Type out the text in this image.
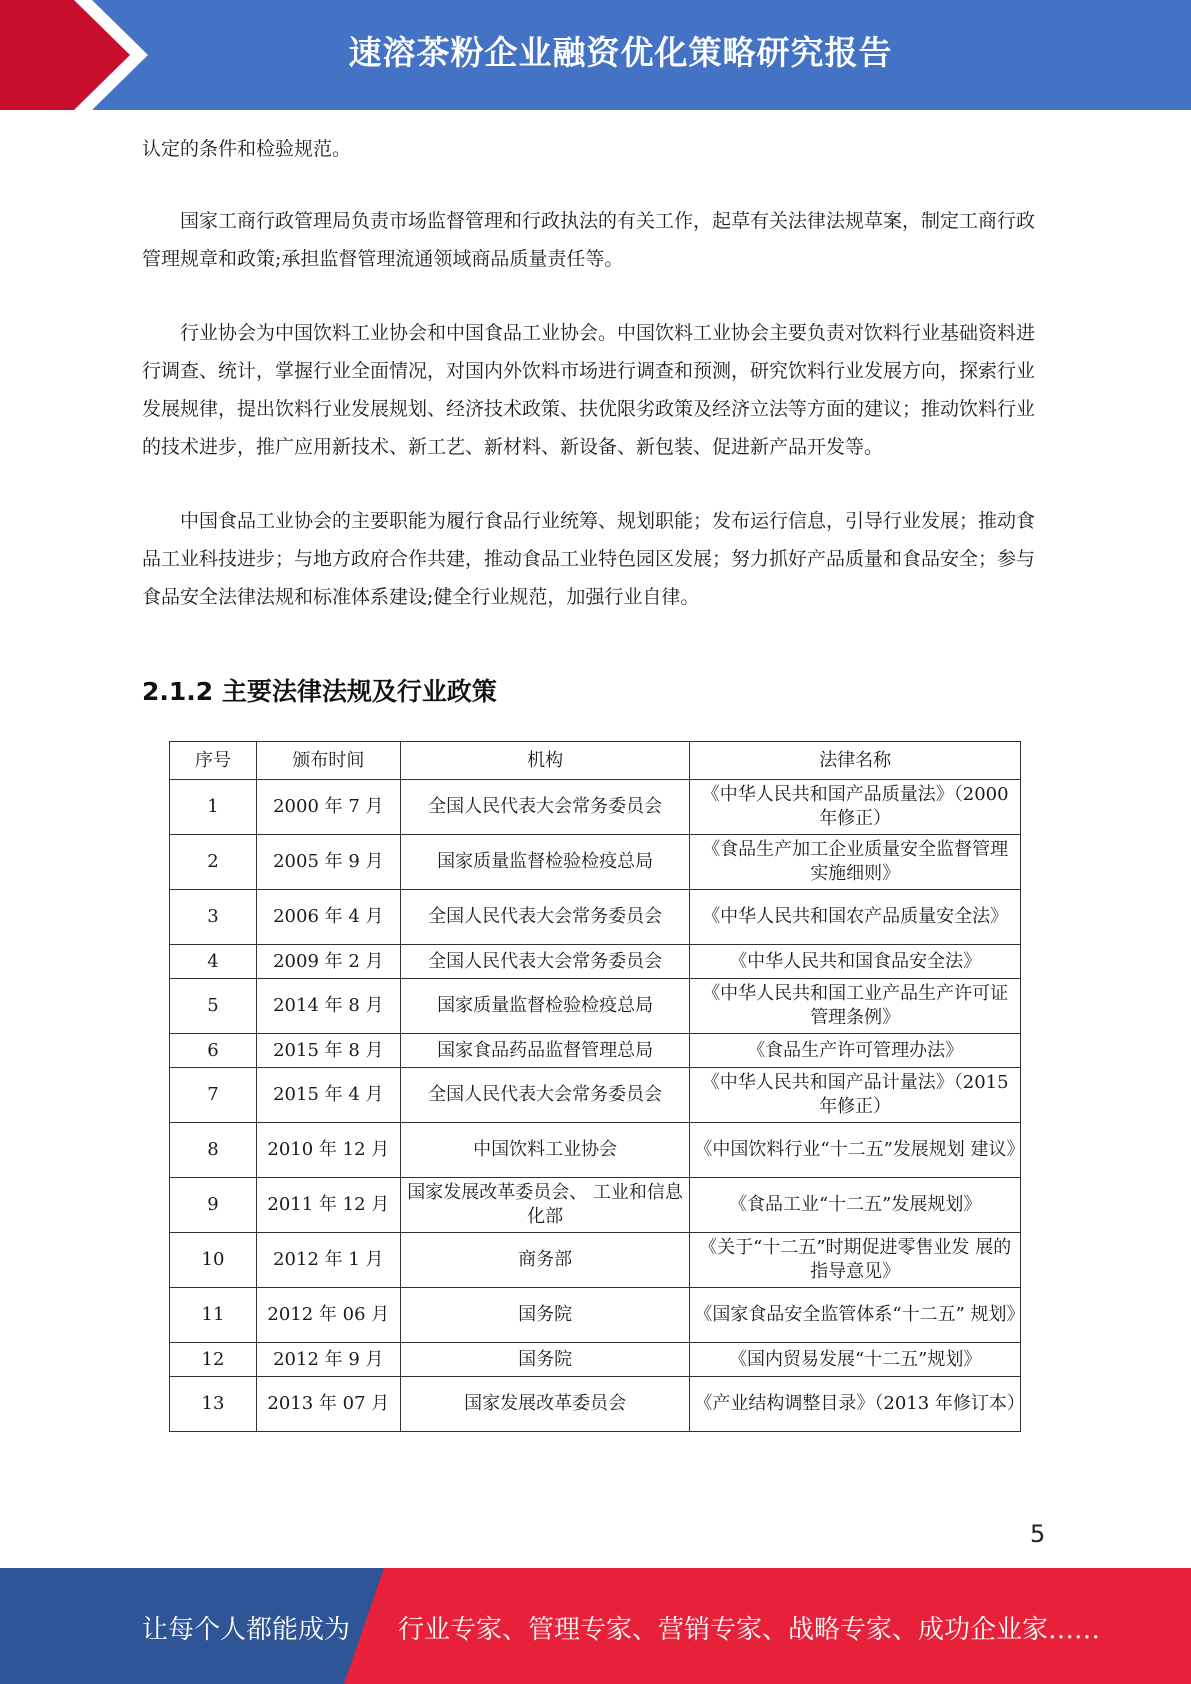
速溶茶粉企业融资优化策略研究报告

认定的条件和检验规范。

国家工商行政管理局负责市场监督管理和行政执法的有关工作，起草有关法律法规草案，制定工商行政管理规章和政策;承担监督管理流通领域商品质量责任等。

行业协会为中国饮料工业协会和中国食品工业协会。中国饮料工业协会主要负责对饮料行业基础资料进行调查、统计，掌握行业全面情况，对国内外饮料市场进行调查和预测，研究饮料行业发展方向，探索行业发展规律，提出饮料行业发展规划、经济技术政策、扶优限劣政策及经济立法等方面的建议；推动饮料行业的技术进步，推广应用新技术、新工艺、新材料、新设备、新包装、促进新产品开发等。

中国食品工业协会的主要职能为履行食品行业统筹、规划职能；发布运行信息，引导行业发展；推动食品工业科技进步；与地方政府合作共建，推动食品工业特色园区发展；努力抓好产品质量和食品安全；参与食品安全法律法规和标准体系建设;健全行业规范，加强行业自律。

2.1.2 主要法律法规及行业政策
序号	颁布时间	机构	法律名称
1	2000 年 7 月	全国人民代表大会常务委员会	《中华人民共和国产品质量法》（2000 年修正）
2	2005 年 9 月	国家质量监督检验检疫总局	《食品生产加工企业质量安全监督管理实施细则》
3	2006 年 4 月	全国人民代表大会常务委员会	《中华人民共和国农产品质量安全法》
4	2009 年 2 月	全国人民代表大会常务委员会	《中华人民共和国食品安全法》
5	2014 年 8 月	国家质量监督检验检疫总局	《中华人民共和国工业产品生产许可证管理条例》
6	2015 年 8 月	国家食品药品监督管理总局	《食品生产许可管理办法》
7	2015 年 4 月	全国人民代表大会常务委员会	《中华人民共和国产品计量法》（2015 年修正）
8	2010 年 12 月	中国饮料工业协会	《中国饮料行业“十二五”发展规划 建议》
9	2011 年 12 月	国家发展改革委员会、 工业和信息化部	《食品工业“十二五”发展规划》
10	2012 年 1 月	商务部	《关于“十二五”时期促进零售业发 展的指导意见》
11	2012 年 06 月	国务院	《国家食品安全监管体系“十二五” 规划》
12	2012 年 9 月	国务院	《国内贸易发展“十二五”规划》
13	2013 年 07 月	国家发展改革委员会	《产业结构调整目录》（2013 年修订本）
5
让每个人都能成为 行业专家、管理专家、营销专家、战略专家、成功企业家……
